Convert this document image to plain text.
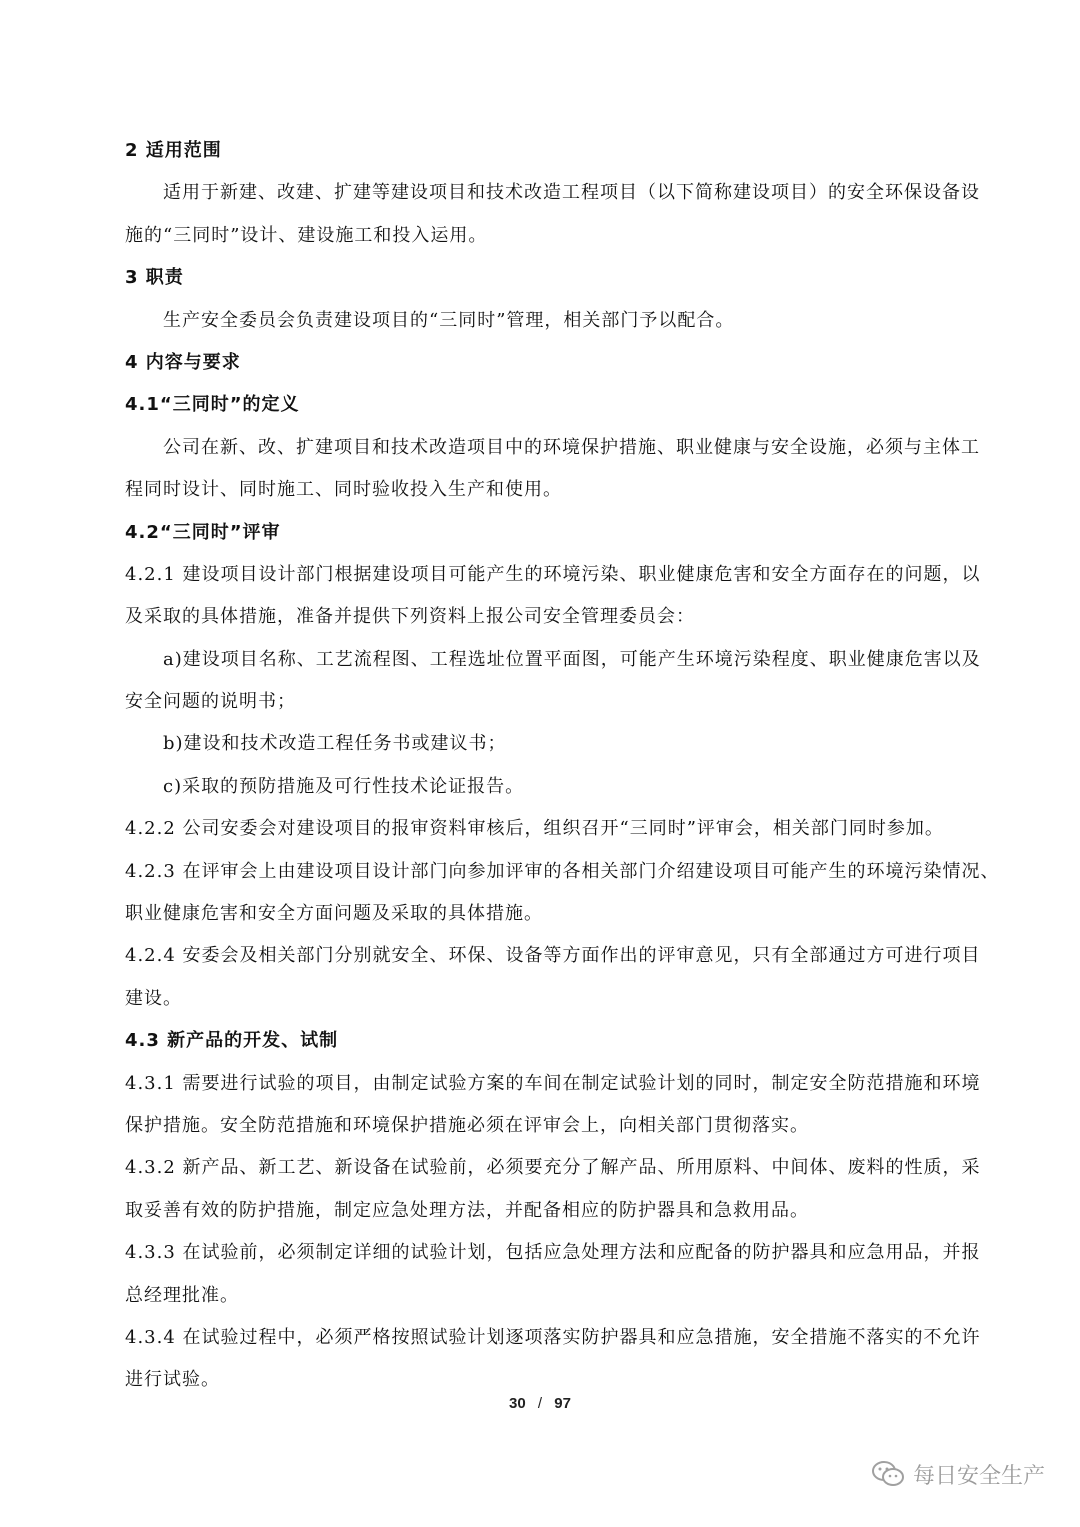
2 适用范围
适用于新建、改建、扩建等建设项目和技术改造工程项目（以下简称建设项目）的安全环保设备设
施的“三同时”设计、建设施工和投入运用。
3 职责
生产安全委员会负责建设项目的“三同时”管理，相关部门予以配合。
4 内容与要求
4.1“三同时”的定义
公司在新、改、扩建项目和技术改造项目中的环境保护措施、职业健康与安全设施，必须与主体工
程同时设计、同时施工、同时验收投入生产和使用。
4.2“三同时”评审
4.2.1 建设项目设计部门根据建设项目可能产生的环境污染、职业健康危害和安全方面存在的问题，以
及采取的具体措施，准备并提供下列资料上报公司安全管理委员会：
a)建设项目名称、工艺流程图、工程选址位置平面图，可能产生环境污染程度、职业健康危害以及
安全问题的说明书；
b)建设和技术改造工程任务书或建议书；
c)采取的预防措施及可行性技术论证报告。
4.2.2 公司安委会对建设项目的报审资料审核后，组织召开“三同时”评审会，相关部门同时参加。
4.2.3 在评审会上由建设项目设计部门向参加评审的各相关部门介绍建设项目可能产生的环境污染情况、
职业健康危害和安全方面问题及采取的具体措施。
4.2.4 安委会及相关部门分别就安全、环保、设备等方面作出的评审意见，只有全部通过方可进行项目
建设。
4.3 新产品的开发、试制
4.3.1 需要进行试验的项目，由制定试验方案的车间在制定试验计划的同时，制定安全防范措施和环境
保护措施。安全防范措施和环境保护措施必须在评审会上，向相关部门贯彻落实。
4.3.2 新产品、新工艺、新设备在试验前，必须要充分了解产品、所用原料、中间体、废料的性质，采
取妥善有效的防护措施，制定应急处理方法，并配备相应的防护器具和急救用品。
4.3.3 在试验前，必须制定详细的试验计划，包括应急处理方法和应配备的防护器具和应急用品，并报
总经理批准。
4.3.4 在试验过程中，必须严格按照试验计划逐项落实防护器具和应急措施，安全措施不落实的不允许
进行试验。
30 / 97
每日安全生产
